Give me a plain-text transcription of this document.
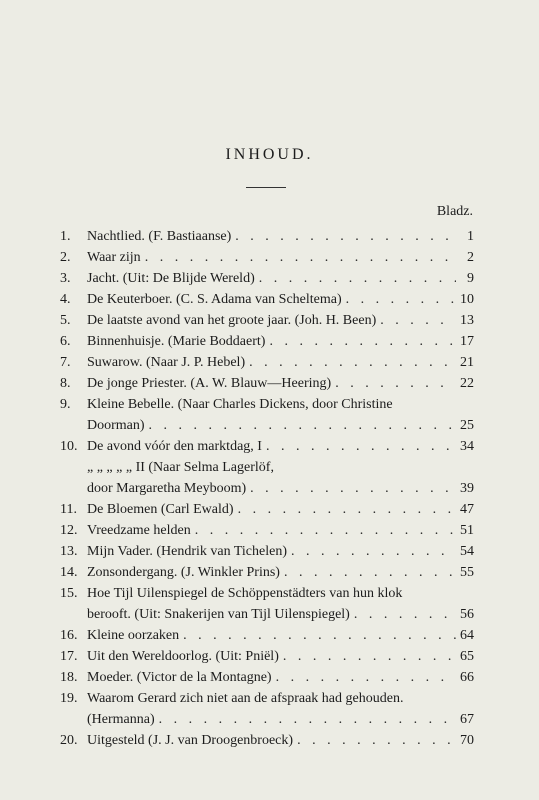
INHOUD.
Bladz.
1.	Nachtlied. (F. Bastiaanse) . . .	1
2.	Waar zijn . . .	2
3.	Jacht. (Uit: De Blijde Wereld) . . .	9
4.	De Keuterboer. (C. S. Adama van Scheltema) . . .	10
5.	De laatste avond van het groote jaar. (Joh. H. Been) . . .	13
6.	Binnenhuisje. (Marie Boddaert) . . .	17
7.	Suwarow. (Naar J. P. Hebel) . . .	21
8.	De jonge Priester. (A. W. Blauw—Heering) . . .	22
9.	Kleine Bebelle. (Naar Charles Dickens, door Christine
Doorman) . . .	25
10. De avond vóór den marktdag, I . . .	34
„ „ „ „ „ II (Naar Selma Lagerlöf,
door Margaretha Meyboom) . . .	39
11. De Bloemen (Carl Ewald) . . .	47
12. Vreedzame helden . . .	51
13. Mijn Vader. (Hendrik van Tichelen) . . .	54
14. Zonsondergang. (J. Winkler Prins) . . .	55
15. Hoe Tijl Uilenspiegel de Schöppenstädters van hun klok
berooft. (Uit: Snakerijen van Tijl Uilenspiegel) . . .	56
16. Kleine oorzaken . . .	64
17. Uit den Wereldoorlog. (Uit: Pniël) . . .	65
18. Moeder. (Victor de la Montagne) . . .	66
19. Waarom Gerard zich niet aan de afspraak had gehouden.
(Hermanna) . . .	67
20. Uitgesteld (J. J. van Droogenbroeck) . . .	70
